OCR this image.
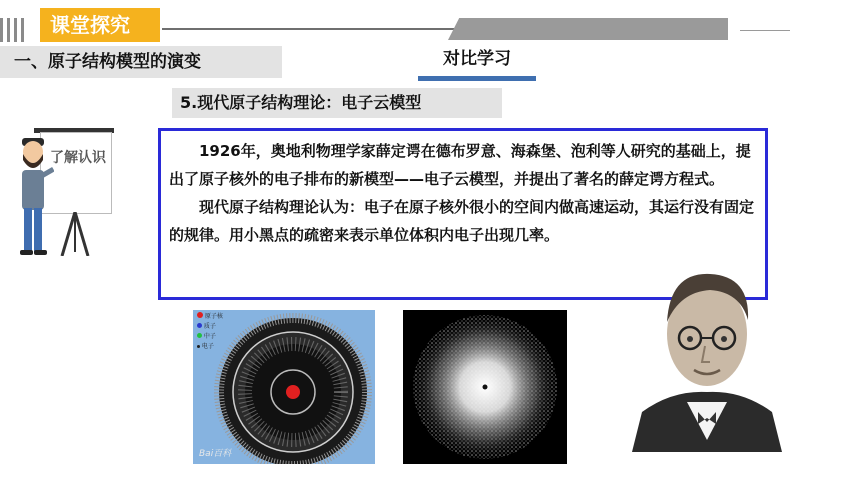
课堂探究
一、原子结构模型的演变	对比学习
5.现代原子结构理论：电子云模型
了解认识	1926年，奥地利物理学家薛定谔在德布罗意、海森堡、泡利等人研究的基础上，提出了原子核外的电子排布的新模型——电子云模型，并提出了著名的薛定谔方程式。

现代原子结构理论认为：电子在原子核外很小的空间内做高速运动，其运行没有固定的规律。用小黑点的疏密来表示单位体积内电子出现几率。

原子核
质子
中子
电子
Bai百科
